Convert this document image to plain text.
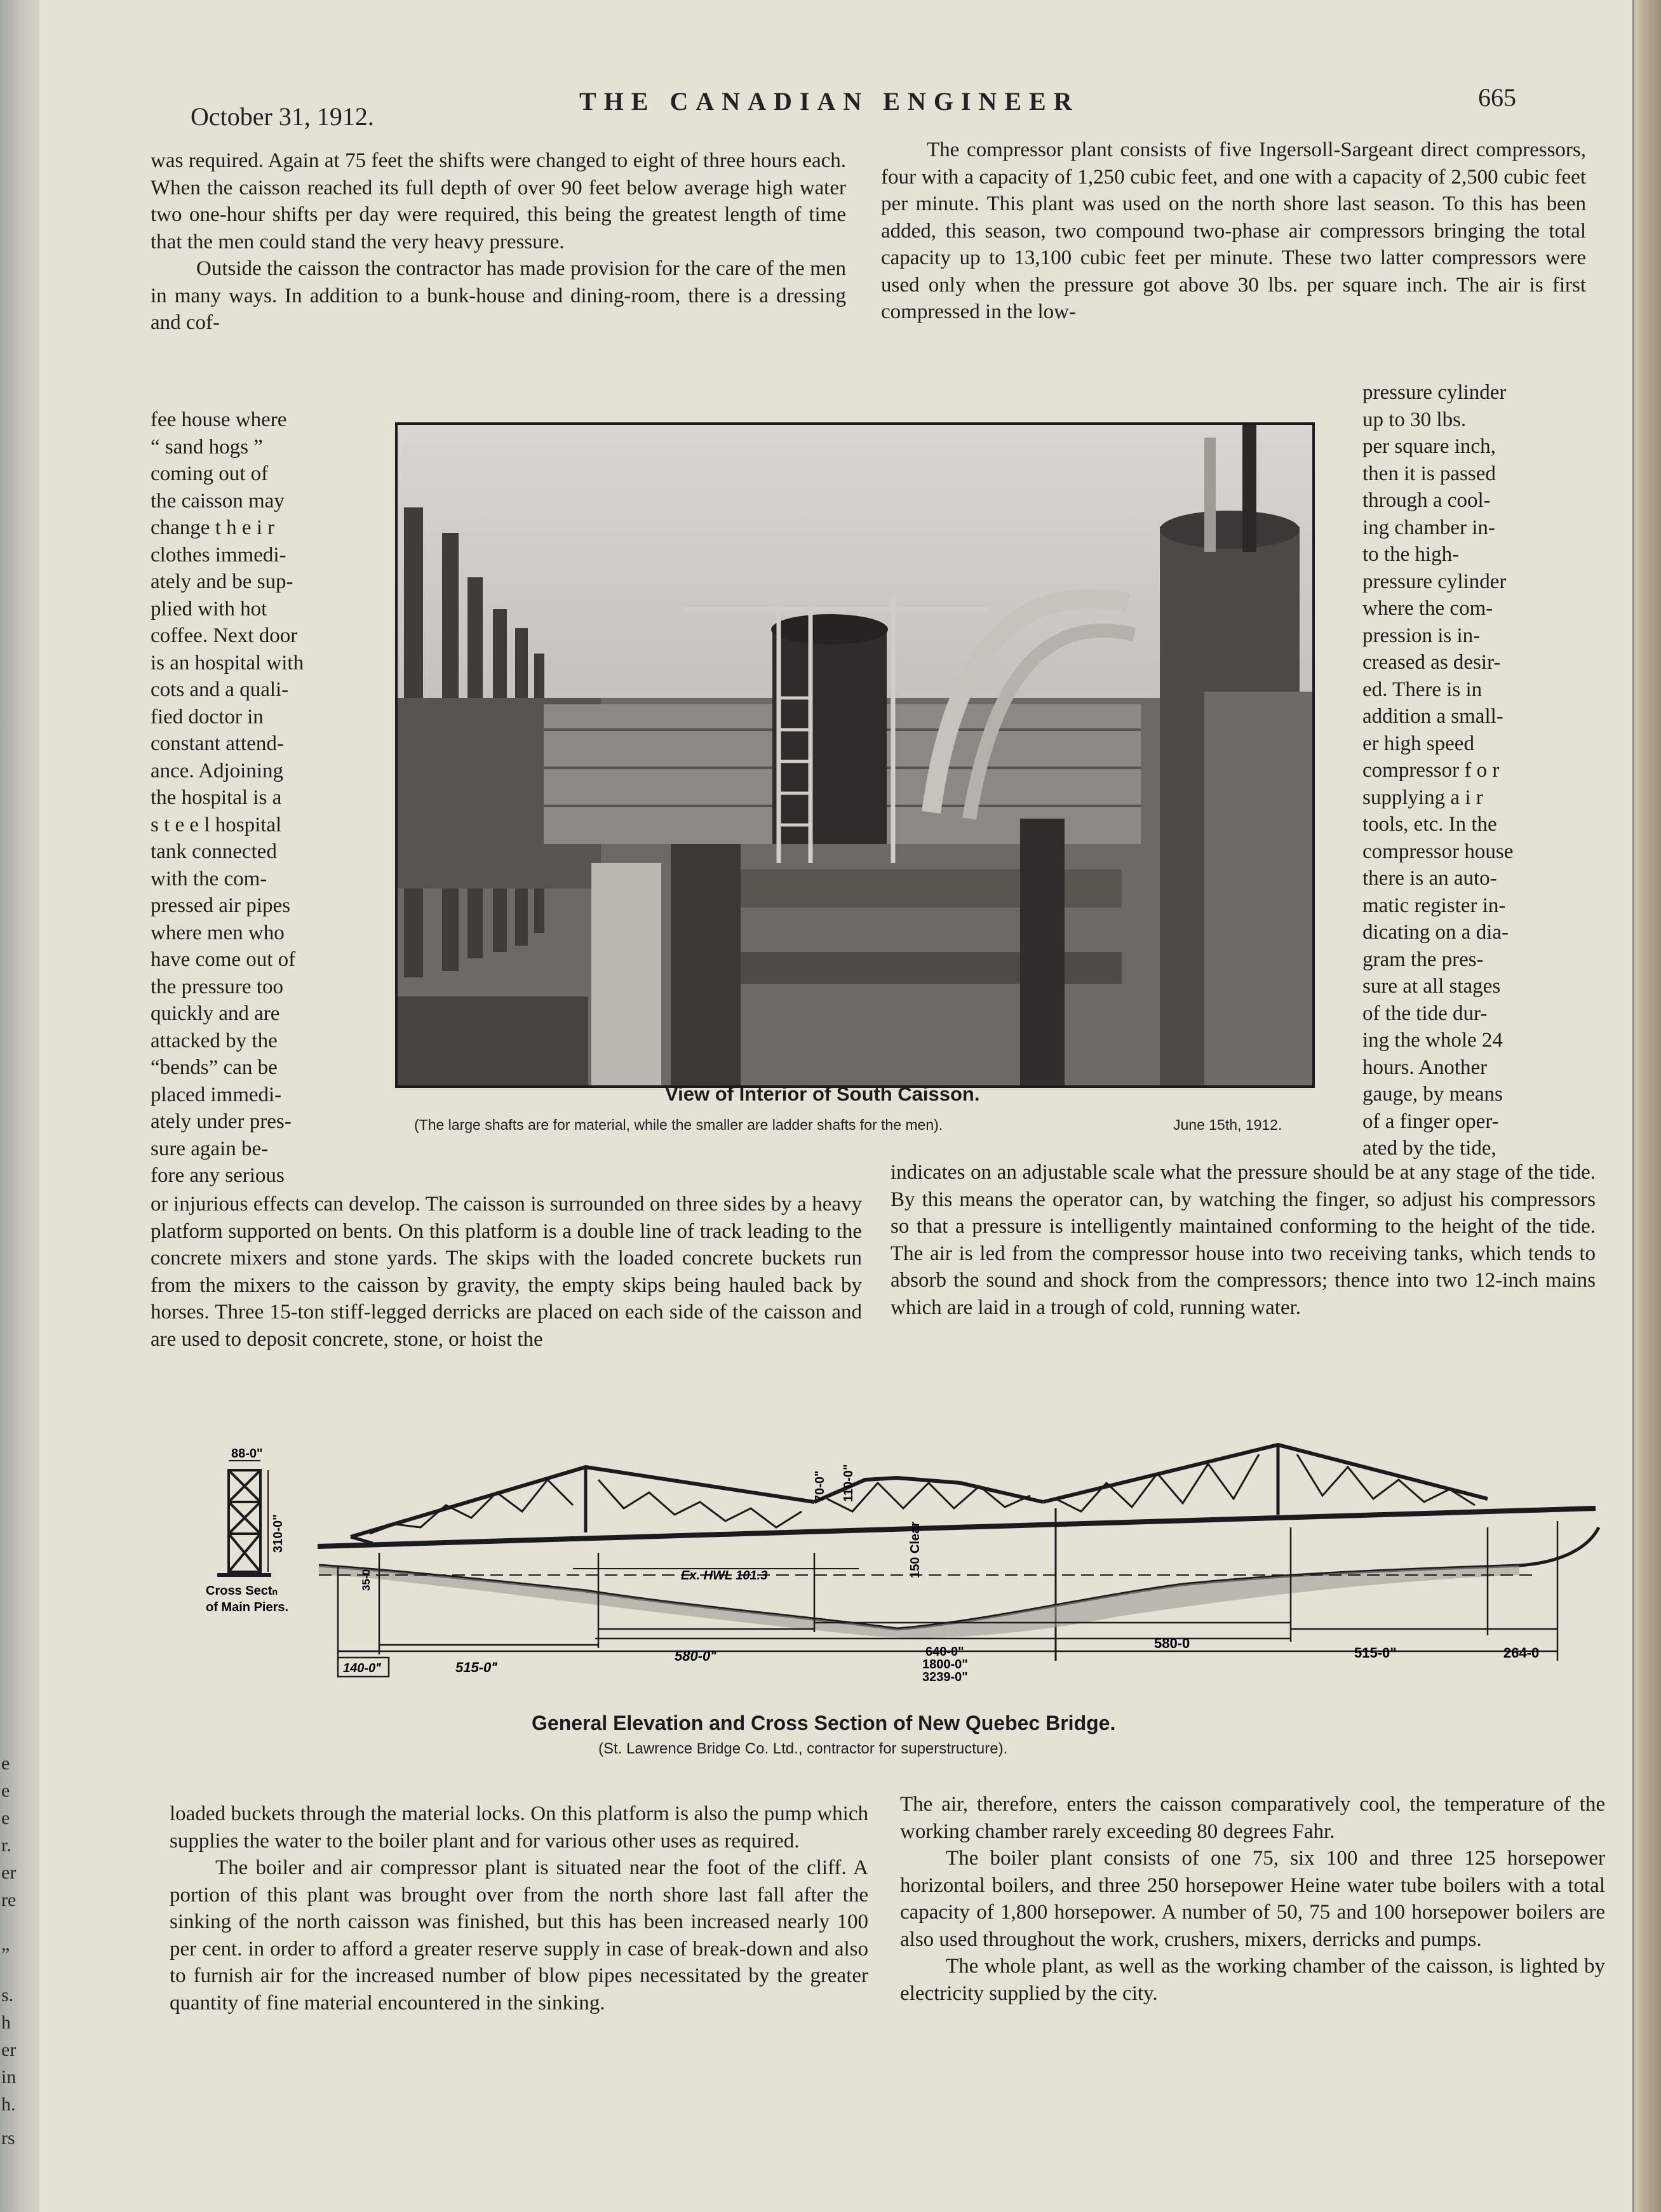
e
e
e
r.
er
re
”
s.
h
er
in
h.
rs
October 31, 1912.
THE CANADIAN ENGINEER	665

was required. Again at 75 feet the shifts were changed to eight of three hours each. When the caisson reached its full depth of over 90 feet below average high water two one-hour shifts per day were required, this being the greatest length of time that the men could stand the very heavy pressure.

Outside the caisson the contractor has made provision for the care of the men in many ways. In addition to a bunk-house and dining-room, there is a dressing and cof-

fee house where
“ sand hogs ”
coming out of
the caisson may
change t h e i r
clothes immedi-
ately and be sup-
plied with hot
coffee. Next door
is an hospital with
cots and a quali-
fied doctor in
constant attend-
ance. Adjoining
the hospital is a
s t e e l hospital
tank connected
with the com-
pressed air pipes
where men who
have come out of
the pressure too
quickly and are
attacked by the
“bends” can be
placed immedi-
ately under pres-
sure again be-
fore any serious

or injurious effects can develop. The caisson is surrounded on three sides by a heavy platform supported on bents. On this platform is a double line of track leading to the concrete mixers and stone yards. The skips with the loaded concrete buckets run from the mixers to the caisson by gravity, the empty skips being hauled back by horses. Three 15-ton stiff-legged derricks are placed on each side of the caisson and are used to deposit concrete, stone, or hoist the

The compressor plant consists of five Ingersoll-Sargeant direct compressors, four with a capacity of 1,250 cubic feet, and one with a capacity of 2,500 cubic feet per minute. This plant was used on the north shore last season. To this has been added, this season, two compound two-phase air compressors bringing the total capacity up to 13,100 cubic feet per minute. These two latter compressors were used only when the pressure got above 30 lbs. per square inch. The air is first compressed in the low-

pressure cylinder
up to 30 lbs.
per square inch,
then it is passed
through a cool-
ing chamber in-
to the high-
pressure cylinder
where the com-
pression is in-
creased as desir-
ed. There is in
addition a small-
er high speed
compressor f o r
supplying a i r
tools, etc. In the
compressor house
there is an auto-
matic register in-
dicating on a dia-
gram the pres-
sure at all stages
of the tide dur-
ing the whole 24
hours. Another
gauge, by means
of a finger oper-
ated by the tide,

indicates on an adjustable scale what the pressure should be at any stage of the tide. By this means the operator can, by watching the finger, so adjust his compressors so that a pressure is intelligently maintained conforming to the height of the tide. The air is led from the compressor house into two receiving tanks, which tends to absorb the sound and shock from the compressors; thence into two 12-inch mains which are laid in a trough of cold, running water.

View of Interior of South Caisson.
(The large shafts are for material, while the smaller are ladder shafts for the men).	June 15th, 1912.
88-0ʺ
310-0ʺ
Cross Sectn
of Main Piers.
Ex. HWL 101.3
70-0ʺ 110-0ʺ
150 Clear
35-0
140-0ʺ	515-0ʺ
580-0ʺ	640-0ʺ
1800-0ʺ
3239-0ʺ
580-0
515-0ʺ	264-0
General Elevation and Cross Section of New Quebec Bridge.
(St. Lawrence Bridge Co. Ltd., contractor for superstructure).

loaded buckets through the material locks. On this platform is also the pump which supplies the water to the boiler plant and for various other uses as required.

The boiler and air compressor plant is situated near the foot of the cliff. A portion of this plant was brought over from the north shore last fall after the sinking of the north caisson was finished, but this has been increased nearly 100 per cent. in order to afford a greater reserve supply in case of break-down and also to furnish air for the increased number of blow pipes necessitated by the greater quantity of fine material encountered in the sinking.

The air, therefore, enters the caisson comparatively cool, the temperature of the working chamber rarely exceeding 80 degrees Fahr.

The boiler plant consists of one 75, six 100 and three 125 horsepower horizontal boilers, and three 250 horsepower Heine water tube boilers with a total capacity of 1,800 horsepower. A number of 50, 75 and 100 horsepower boilers are also used throughout the work, crushers, mixers, derricks and pumps.

The whole plant, as well as the working chamber of the caisson, is lighted by electricity supplied by the city.
